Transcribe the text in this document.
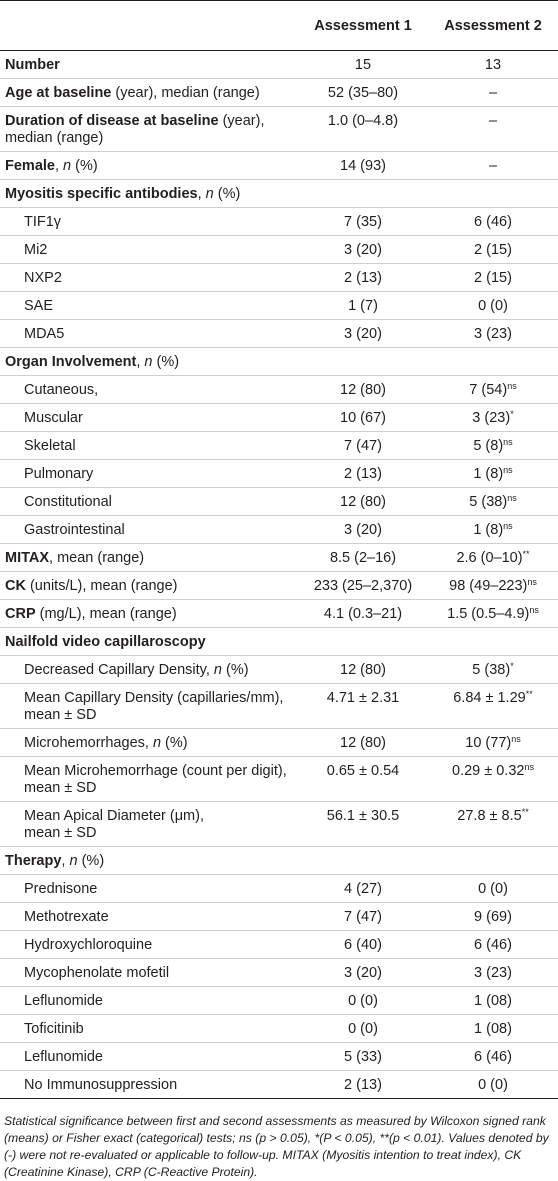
	Assessment 1	Assessment 2
Number	15	13
Age at baseline (year), median (range)	52 (35–80)	–
Duration of disease at baseline (year), median (range)	1.0 (0–4.8)	–
Female, n (%)	14 (93)	–
Myositis specific antibodies, n (%)		
TIF1γ	7 (35)	6 (46)
Mi2	3 (20)	2 (15)
NXP2	2 (13)	2 (15)
SAE	1 (7)	0 (0)
MDA5	3 (20)	3 (23)
Organ Involvement, n (%)		
Cutaneous,	12 (80)	7 $(54)^{ns}$
Muscular	10 (67)	3 (23)*
Skeletal	7 (47)	5 $(8)^{ns}$
Pulmonary	2 (13)	1 $(8)^{ns}$
Constitutional	12 (80)	5 $(38)^{ns}$
Gastrointestinal	3 (20)	1 $(8)^{ns}$
MITAX, mean (range)	8.5 (2–16)	2.6 (0–10)**
CK (units/L), mean (range)	233 (25–2,370)	98 $(49-223)^{ns}$
CRP (mg/L), mean (range)	4.1 (0.3–21)	1.5 $(0.5-4.9)^{ns}$
Nailfold video capillaroscopy		
Decreased Capillary Density, n (%)	12 (80)	5 (38)*
Mean Capillary Density (capillaries/mm), mean ± SD	4.71 ± 2.31	6.84 ± 1.29**
Microhemorrhages, n (%)	12 (80)	10 $(77)^{ns}$
Mean Microhemorrhage (count per digit),
mean ± SD	0.65 ± 0.54	$0.29 \pm 0.32^{ns}$
Mean Apical Diameter (μm),
mean ± SD	56.1 ± 30.5	27.8 ± 8.5**
Therapy, n (%)		
Prednisone	4 (27)	0 (0)
Methotrexate	7 (47)	9 (69)
Hydroxychloroquine	6 (40)	6 (46)
Mycophenolate mofetil	3 (20)	3 (23)
Leflunomide	0 (0)	1 (08)
Toficitinib	0 (0)	1 (08)
Leflunomide	5 (33)	6 (46)
No Immunosuppression	2 (13)	0 (0)
Statistical significance between first and second assessments as measured by Wilcoxon signed rank (means) or Fisher exact (categorical) tests; ns (p > 0.05), *(P < 0.05), **(p < 0.01). Values denoted by (-) were not re-evaluated or applicable to follow-up. MITAX (Myositis intention to treat index), CK (Creatinine Kinase), CRP (C-Reactive Protein).
